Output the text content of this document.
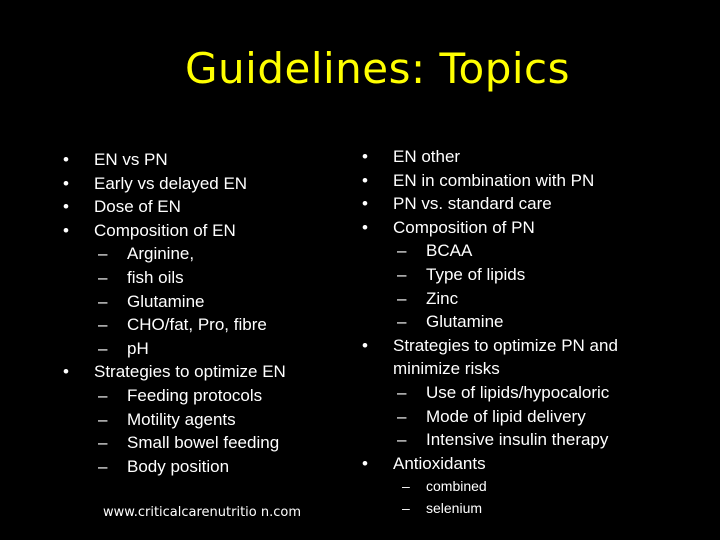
Guidelines: Topics
• EN vs PN
• Early vs delayed EN
• Dose of EN
• Composition of EN
– Arginine,
– fish oils
– Glutamine
– CHO/fat, Pro, fibre
– pH
• Strategies to optimize EN
– Feeding protocols
– Motility agents
– Small bowel feeding
– Body position
• EN other
• EN in combination with PN
• PN vs. standard care
• Composition of PN
– BCAA
– Type of lipids
– Zinc
– Glutamine
• Strategies to optimize PN and minimize risks
– Use of lipids/hypocaloric
– Mode of lipid delivery
– Intensive insulin therapy
• Antioxidants
– combined
– selenium
www.criticalcarenutritio n.com
